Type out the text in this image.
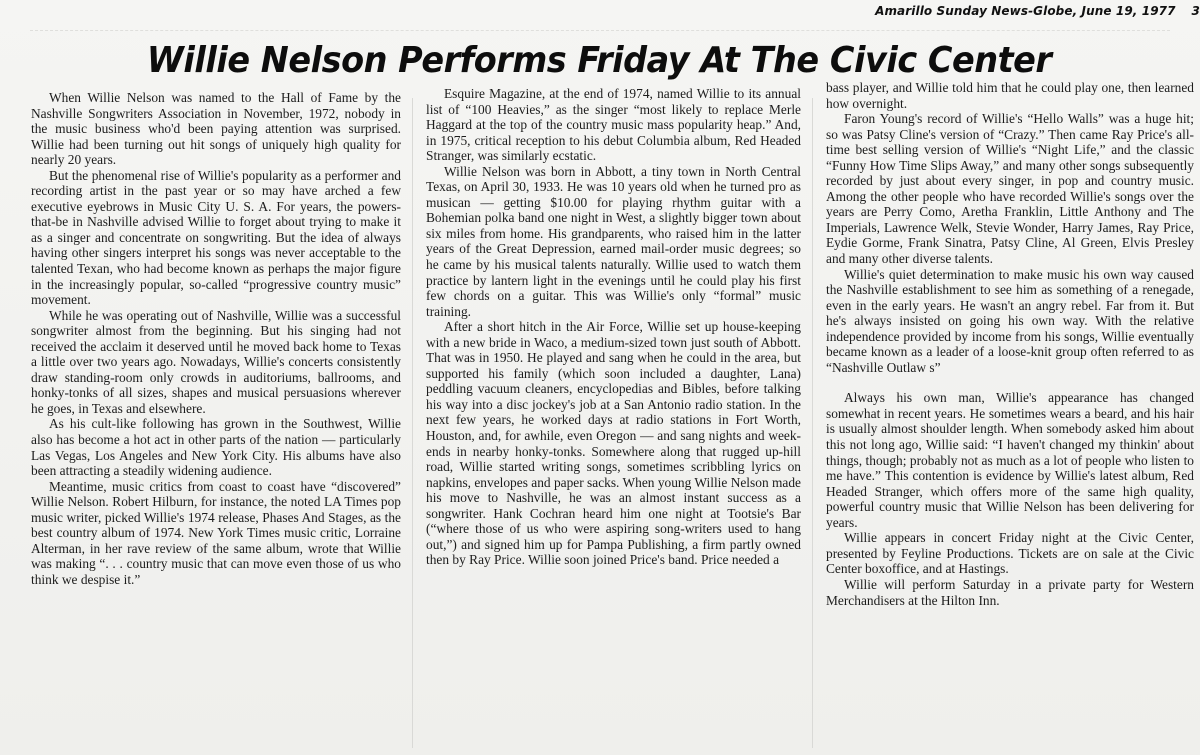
Amarillo Sunday News-Globe, June 19, 1977 3
Willie Nelson Performs Friday At The Civic Center

When Willie Nelson was named to the Hall of Fame by the Nashville Songwriters Association in November, 1972, nobody in the music business who'd been paying attention was surprised. Willie had been turning out hit songs of uniquely high quality for nearly 20 years.

But the phenomenal rise of Willie's popularity as a performer and recording artist in the past year or so may have arched a few executive eyebrows in Music City U. S. A. For years, the powers-that-be in Nashville advised Willie to forget about trying to make it as a singer and concentrate on songwriting. But the idea of always having other singers interpret his songs was never acceptable to the talented Texan, who had become known as perhaps the major figure in the increasingly popular, so-called “progressive country music” movement.

While he was operating out of Nashville, Willie was a successful songwriter almost from the beginning. But his singing had not received the acclaim it deserved until he moved back home to Texas a little over two years ago. Nowadays, Willie's concerts consistently draw standing-room only crowds in auditoriums, ballrooms, and honky-tonks of all sizes, shapes and musical persuasions wherever he goes, in Texas and elsewhere.

As his cult-like following has grown in the Southwest, Willie also has become a hot act in other parts of the nation — particularly Las Vegas, Los Angeles and New York City. His albums have also been attracting a steadily widening audience.

Meantime, music critics from coast to coast have “discovered” Willie Nelson. Robert Hilburn, for instance, the noted LA Times pop music writer, picked Willie's 1974 release, Phases And Stages, as the best country album of 1974. New York Times music critic, Lorraine Alterman, in her rave review of the same album, wrote that Willie was making “. . . country music that can move even those of us who think we despise it.”

Esquire Magazine, at the end of 1974, named Willie to its annual list of “100 Heavies,” as the singer “most likely to replace Merle Haggard at the top of the country music mass popularity heap.” And, in 1975, critical reception to his debut Columbia album, Red Headed Stranger, was similarly ecstatic.

Willie Nelson was born in Abbott, a tiny town in North Central Texas, on April 30, 1933. He was 10 years old when he turned pro as musican — getting $10.00 for playing rhythm guitar with a Bohemian polka band one night in West, a slightly bigger town about six miles from home. His grandparents, who raised him in the latter years of the Great Depression, earned mail-order music degrees; so he came by his musical talents naturally. Willie used to watch them practice by lantern light in the evenings until he could play his first few chords on a guitar. This was Willie's only “formal” music training.

After a short hitch in the Air Force, Willie set up house-keeping with a new bride in Waco, a medium-sized town just south of Abbott. That was in 1950. He played and sang when he could in the area, but supported his family (which soon included a daughter, Lana) peddling vacuum cleaners, encyclopedias and Bibles, before talking his way into a disc jockey's job at a San Antonio radio station. In the next few years, he worked days at radio stations in Fort Worth, Houston, and, for awhile, even Oregon — and sang nights and week-ends in nearby honky-tonks. Somewhere along that rugged up-hill road, Willie started writing songs, sometimes scribbling lyrics on napkins, envelopes and paper sacks. When young Willie Nelson made his move to Nashville, he was an almost instant success as a songwriter. Hank Cochran heard him one night at Tootsie's Bar (“where those of us who were aspiring song-writers used to hang out,”) and signed him up for Pampa Publishing, a firm partly owned then by Ray Price. Willie soon joined Price's band. Price needed a

bass player, and Willie told him that he could play one, then learned how overnight.

Faron Young's record of Willie's “Hello Walls” was a huge hit; so was Patsy Cline's version of “Crazy.” Then came Ray Price's all-time best selling version of Willie's “Night Life,” and the classic “Funny How Time Slips Away,” and many other songs subsequently recorded by just about every singer, in pop and country music. Among the other people who have recorded Willie's songs over the years are Perry Como, Aretha Franklin, Little Anthony and The Imperials, Lawrence Welk, Stevie Wonder, Harry James, Ray Price, Eydie Gorme, Frank Sinatra, Patsy Cline, Al Green, Elvis Presley and many other diverse talents.

Willie's quiet determination to make music his own way caused the Nashville establishment to see him as something of a renegade, even in the early years. He wasn't an angry rebel. Far from it. But he's always insisted on going his own way. With the relative independence provided by income from his songs, Willie eventually became known as a leader of a loose-knit group often referred to as “Nashville Outlaw s”

Always his own man, Willie's appearance has changed somewhat in recent years. He sometimes wears a beard, and his hair is usually almost shoulder length. When somebody asked him about this not long ago, Willie said: “I haven't changed my thinkin' about things, though; probably not as much as a lot of people who listen to me have.” This contention is evidence by Willie's latest album, Red Headed Stranger, which offers more of the same high quality, powerful country music that Willie Nelson has been delivering for years.

Willie appears in concert Friday night at the Civic Center, presented by Feyline Productions. Tickets are on sale at the Civic Center boxoffice, and at Hastings.

Willie will perform Saturday in a private party for Western Merchandisers at the Hilton Inn.
